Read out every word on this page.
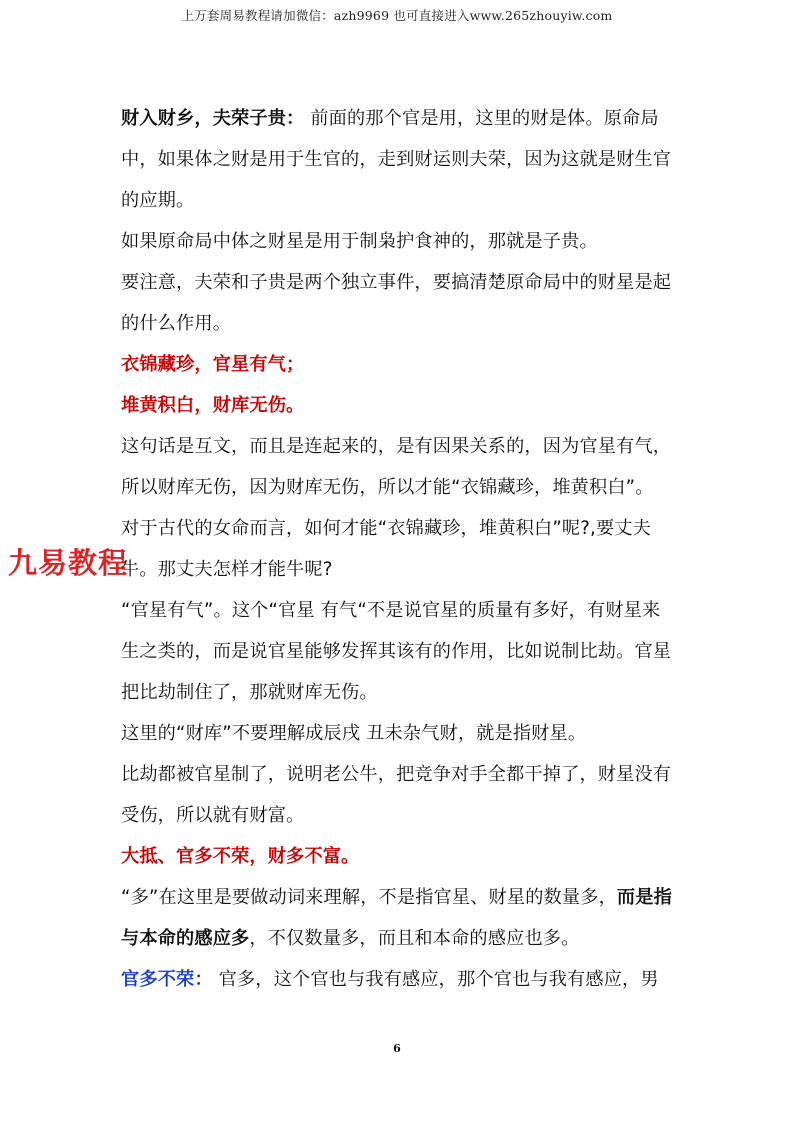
上万套周易教程请加微信：azh9969 也可直接进入www.265zhouyiw.com
九易教程

财入财乡，夫荣子贵： 前面的那个官是用，这里的财是体。原命局中，如果体之财是用于生官的，走到财运则夫荣，因为这就是财生官的应期。

如果原命局中体之财星是用于制枭护食神的，那就是子贵。

要注意，夫荣和子贵是两个独立事件，要搞清楚原命局中的财星是起的什么作用。

衣锦藏珍，官星有气；

堆黄积白，财库无伤。

这句话是互文，而且是连起来的，是有因果关系的，因为官星有气，所以财库无伤，因为财库无伤，所以才能“衣锦藏珍，堆黄积白”。

对于古代的女命而言，如何才能“衣锦藏珍，堆黄积白”呢?,要丈夫牛。那丈夫怎样才能牛呢?

“官星有气”。这个“官星 有气“不是说官星的质量有多好，有财星来生之类的，而是说官星能够发挥其该有的作用，比如说制比劫。官星把比劫制住了，那就财库无伤。

这里的“财库”不要理解成辰戌 丑未杂气财，就是指财星。

比劫都被官星制了，说明老公牛，把竞争对手全都干掉了，财星没有受伤，所以就有财富。

大抵、官多不荣，财多不富。

“多”在这里是要做动词来理解，不是指官星、财星的数量多，而是指与本命的感应多，不仅数量多，而且和本命的感应也多。

官多不荣： 官多，这个官也与我有感应，那个官也与我有感应，男

6
